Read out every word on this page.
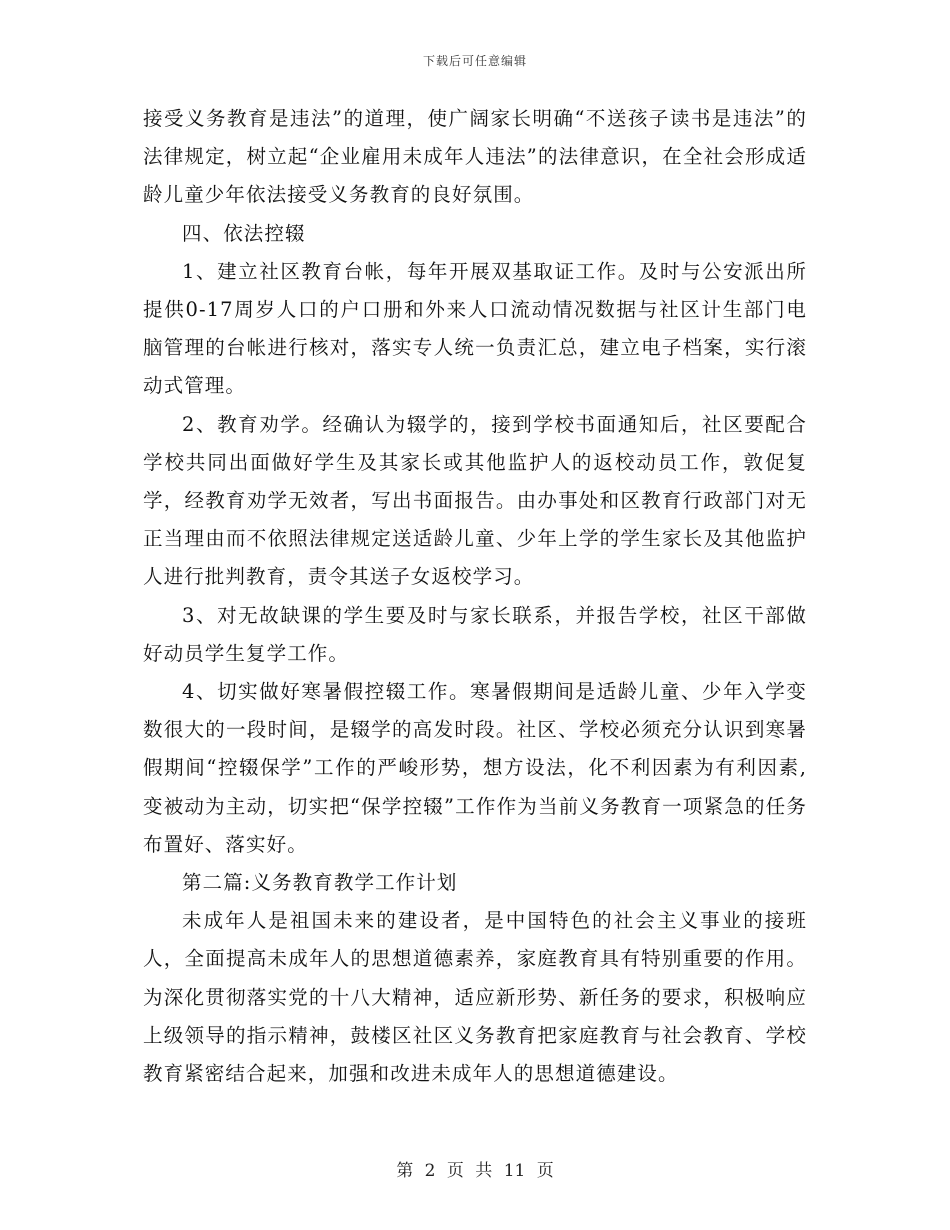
下载后可任意编辑

接受义务教育是违法”的道理，使广阔家长明确“不送孩子读书是违法”的法律规定，树立起“企业雇用未成年人违法”的法律意识，在全社会形成适龄儿童少年依法接受义务教育的良好氛围。

四、依法控辍

1、建立社区教育台帐，每年开展双基取证工作。及时与公安派出所提供0-17周岁人口的户口册和外来人口流动情况数据与社区计生部门电脑管理的台帐进行核对，落实专人统一负责汇总，建立电子档案，实行滚动式管理。

2、教育劝学。经确认为辍学的，接到学校书面通知后，社区要配合学校共同出面做好学生及其家长或其他监护人的返校动员工作，敦促复学，经教育劝学无效者，写出书面报告。由办事处和区教育行政部门对无正当理由而不依照法律规定送适龄儿童、少年上学的学生家长及其他监护人进行批判教育，责令其送子女返校学习。

3、对无故缺课的学生要及时与家长联系，并报告学校，社区干部做好动员学生复学工作。

4、切实做好寒暑假控辍工作。寒暑假期间是适龄儿童、少年入学变数很大的一段时间，是辍学的高发时段。社区、学校必须充分认识到寒暑假期间“控辍保学”工作的严峻形势，想方设法，化不利因素为有利因素,变被动为主动，切实把“保学控辍”工作作为当前义务教育一项紧急的任务布置好、落实好。

第二篇:义务教育教学工作计划

未成年人是祖国未来的建设者，是中国特色的社会主义事业的接班人，全面提高未成年人的思想道德素养，家庭教育具有特别重要的作用。为深化贯彻落实党的十八大精神，适应新形势、新任务的要求，积极响应上级领导的指示精神，鼓楼区社区义务教育把家庭教育与社会教育、学校教育紧密结合起来，加强和改进未成年人的思想道德建设。

第 2 页 共 11 页
